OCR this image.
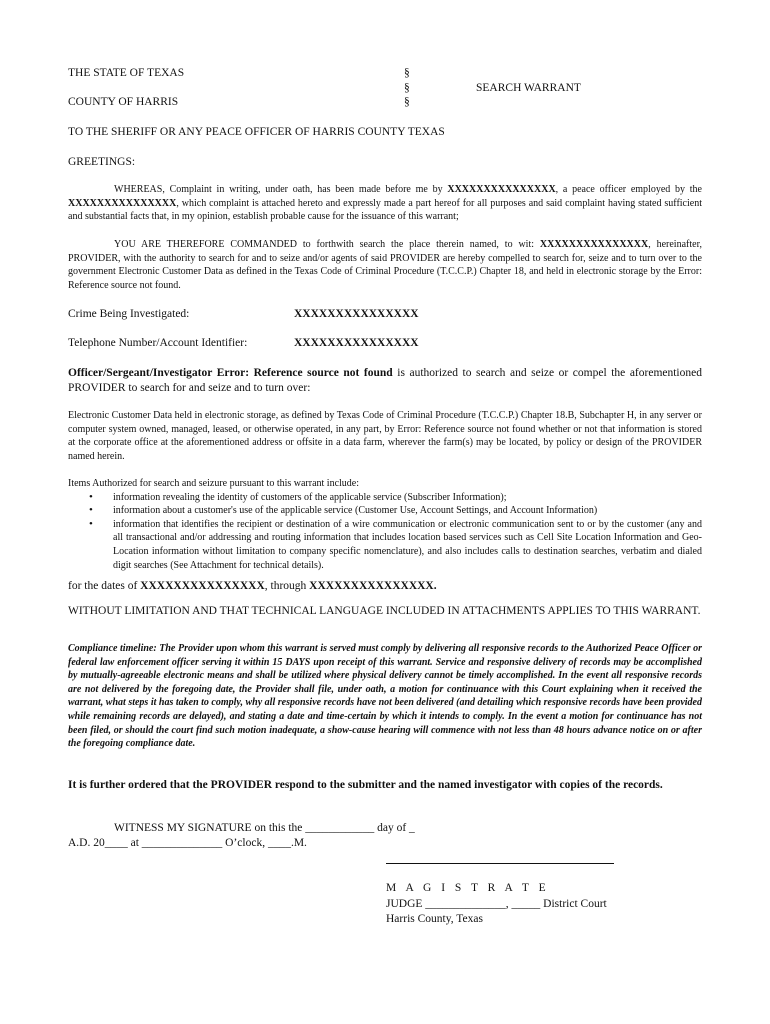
THE STATE OF TEXAS
COUNTY OF HARRIS
§
§
§
SEARCH WARRANT
TO THE SHERIFF OR ANY PEACE OFFICER OF HARRIS COUNTY TEXAS
GREETINGS:
WHEREAS, Complaint in writing, under oath, has been made before me by XXXXXXXXXXXXXXX, a peace officer employed by the XXXXXXXXXXXXXXX, which complaint is attached hereto and expressly made a part hereof for all purposes and said complaint having stated sufficient and substantial facts that, in my opinion, establish probable cause for the issuance of this warrant;
YOU ARE THEREFORE COMMANDED to forthwith search the place therein named, to wit: XXXXXXXXXXXXXXX, hereinafter, PROVIDER, with the authority to search for and to seize and/or agents of said PROVIDER are hereby compelled to search for, seize and to turn over to the government Electronic Customer Data as defined in the Texas Code of Criminal Procedure (T.C.C.P.) Chapter 18, and held in electronic storage by the Error: Reference source not found.
Crime Being Investigated:	XXXXXXXXXXXXXXX
Telephone Number/Account Identifier:	XXXXXXXXXXXXXXX
Officer/Sergeant/Investigator Error: Reference source not found is authorized to search and seize or compel the aforementioned PROVIDER to search for and seize and to turn over:
Electronic Customer Data held in electronic storage, as defined by Texas Code of Criminal Procedure (T.C.C.P.) Chapter 18.B, Subchapter H, in any server or computer system owned, managed, leased, or otherwise operated, in any part, by Error: Reference source not found whether or not that information is stored at the corporate office at the aforementioned address or offsite in a data farm, wherever the farm(s) may be located, by policy or design of the PROVIDER named herein.
Items Authorized for search and seizure pursuant to this warrant include:
• information revealing the identity of customers of the applicable service (Subscriber Information);
• information about a customer's use of the applicable service (Customer Use, Account Settings, and Account Information)
• information that identifies the recipient or destination of a wire communication or electronic communication sent to or by the customer (any and all transactional and/or addressing and routing information that includes location based services such as Cell Site Location Information and Geo-Location information without limitation to company specific nomenclature), and also includes calls to destination searches, verbatim and dialed digit searches (See Attachment for technical details).
for the dates of XXXXXXXXXXXXXXX, through XXXXXXXXXXXXXXX.
WITHOUT LIMITATION AND THAT TECHNICAL LANGUAGE INCLUDED IN ATTACHMENTS APPLIES TO THIS WARRANT.
Compliance timeline: The Provider upon whom this warrant is served must comply by delivering all responsive records to the Authorized Peace Officer or federal law enforcement officer serving it within 15 DAYS upon receipt of this warrant. Service and responsive delivery of records may be accomplished by mutually-agreeable electronic means and shall be utilized where physical delivery cannot be timely accomplished. In the event all responsive records are not delivered by the foregoing date, the Provider shall file, under oath, a motion for continuance with this Court explaining when it received the warrant, what steps it has taken to comply, why all responsive records have not been delivered (and detailing which responsive records have been provided while remaining records are delayed), and stating a date and time-certain by which it intends to comply. In the event a motion for continuance has not been filed, or should the court find such motion inadequate, a show-cause hearing will commence with not less than 48 hours advance notice on or after the foregoing compliance date.
It is further ordered that the PROVIDER respond to the submitter and the named investigator with copies of the records.
WITNESS MY SIGNATURE on this the ____________ day of _
A.D. 20____ at ______________ O’clock, ____.M.
M A G I S T R A T E
JUDGE ______________, _____ District Court
Harris County, Texas
